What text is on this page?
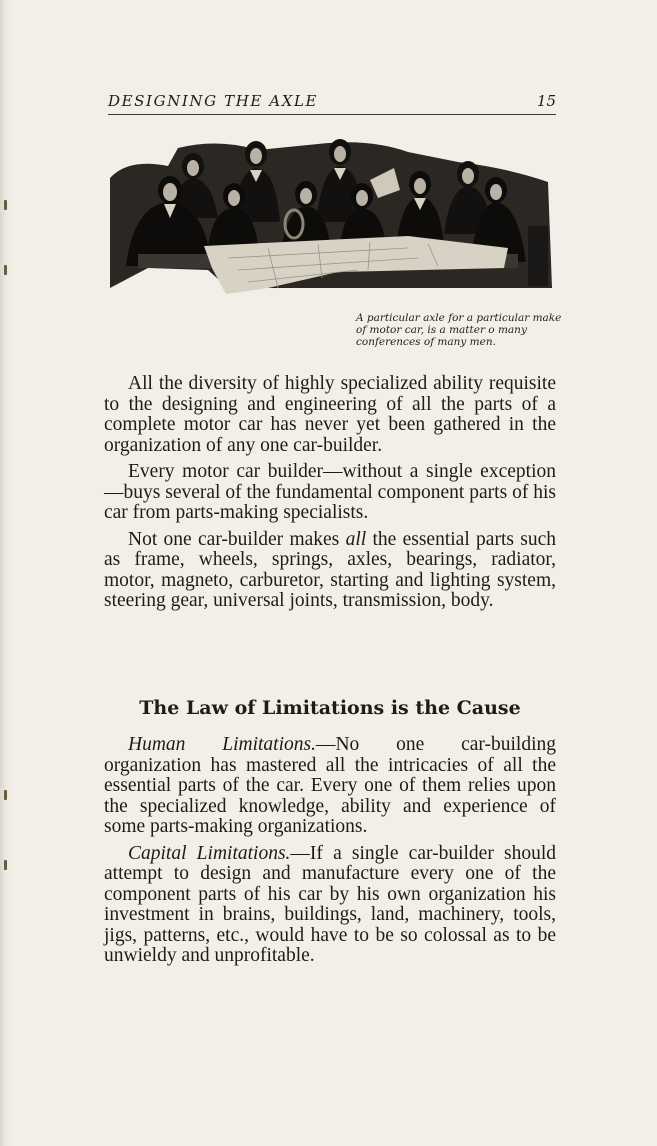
DESIGNING THE AXLE	15
A particular axle for a particular make of motor car, is a matter o many conferences of many men.

All the diversity of highly specialized ability requisite to the designing and engineering of all the parts of a complete motor car has never yet been gathered in the organization of any one car-builder.

Every motor car builder—without a single exception—buys several of the fundamental component parts of his car from parts-making specialists.

Not one car-builder makes all the essential parts such as frame, wheels, springs, axles, bearings, radiator, motor, magneto, carburetor, starting and lighting system, steering gear, universal joints, transmission, body.

The Law of Limitations is the Cause

Human Limitations.—No one car-building organization has mastered all the intricacies of all the essential parts of the car. Every one of them relies upon the specialized knowledge, ability and experience of some parts-making organizations.

Capital Limitations.—If a single car-builder should attempt to design and manufacture every one of the component parts of his car by his own organization his investment in brains, buildings, land, machinery, tools, jigs, patterns, etc., would have to be so colossal as to be unwieldy and unprofitable.
